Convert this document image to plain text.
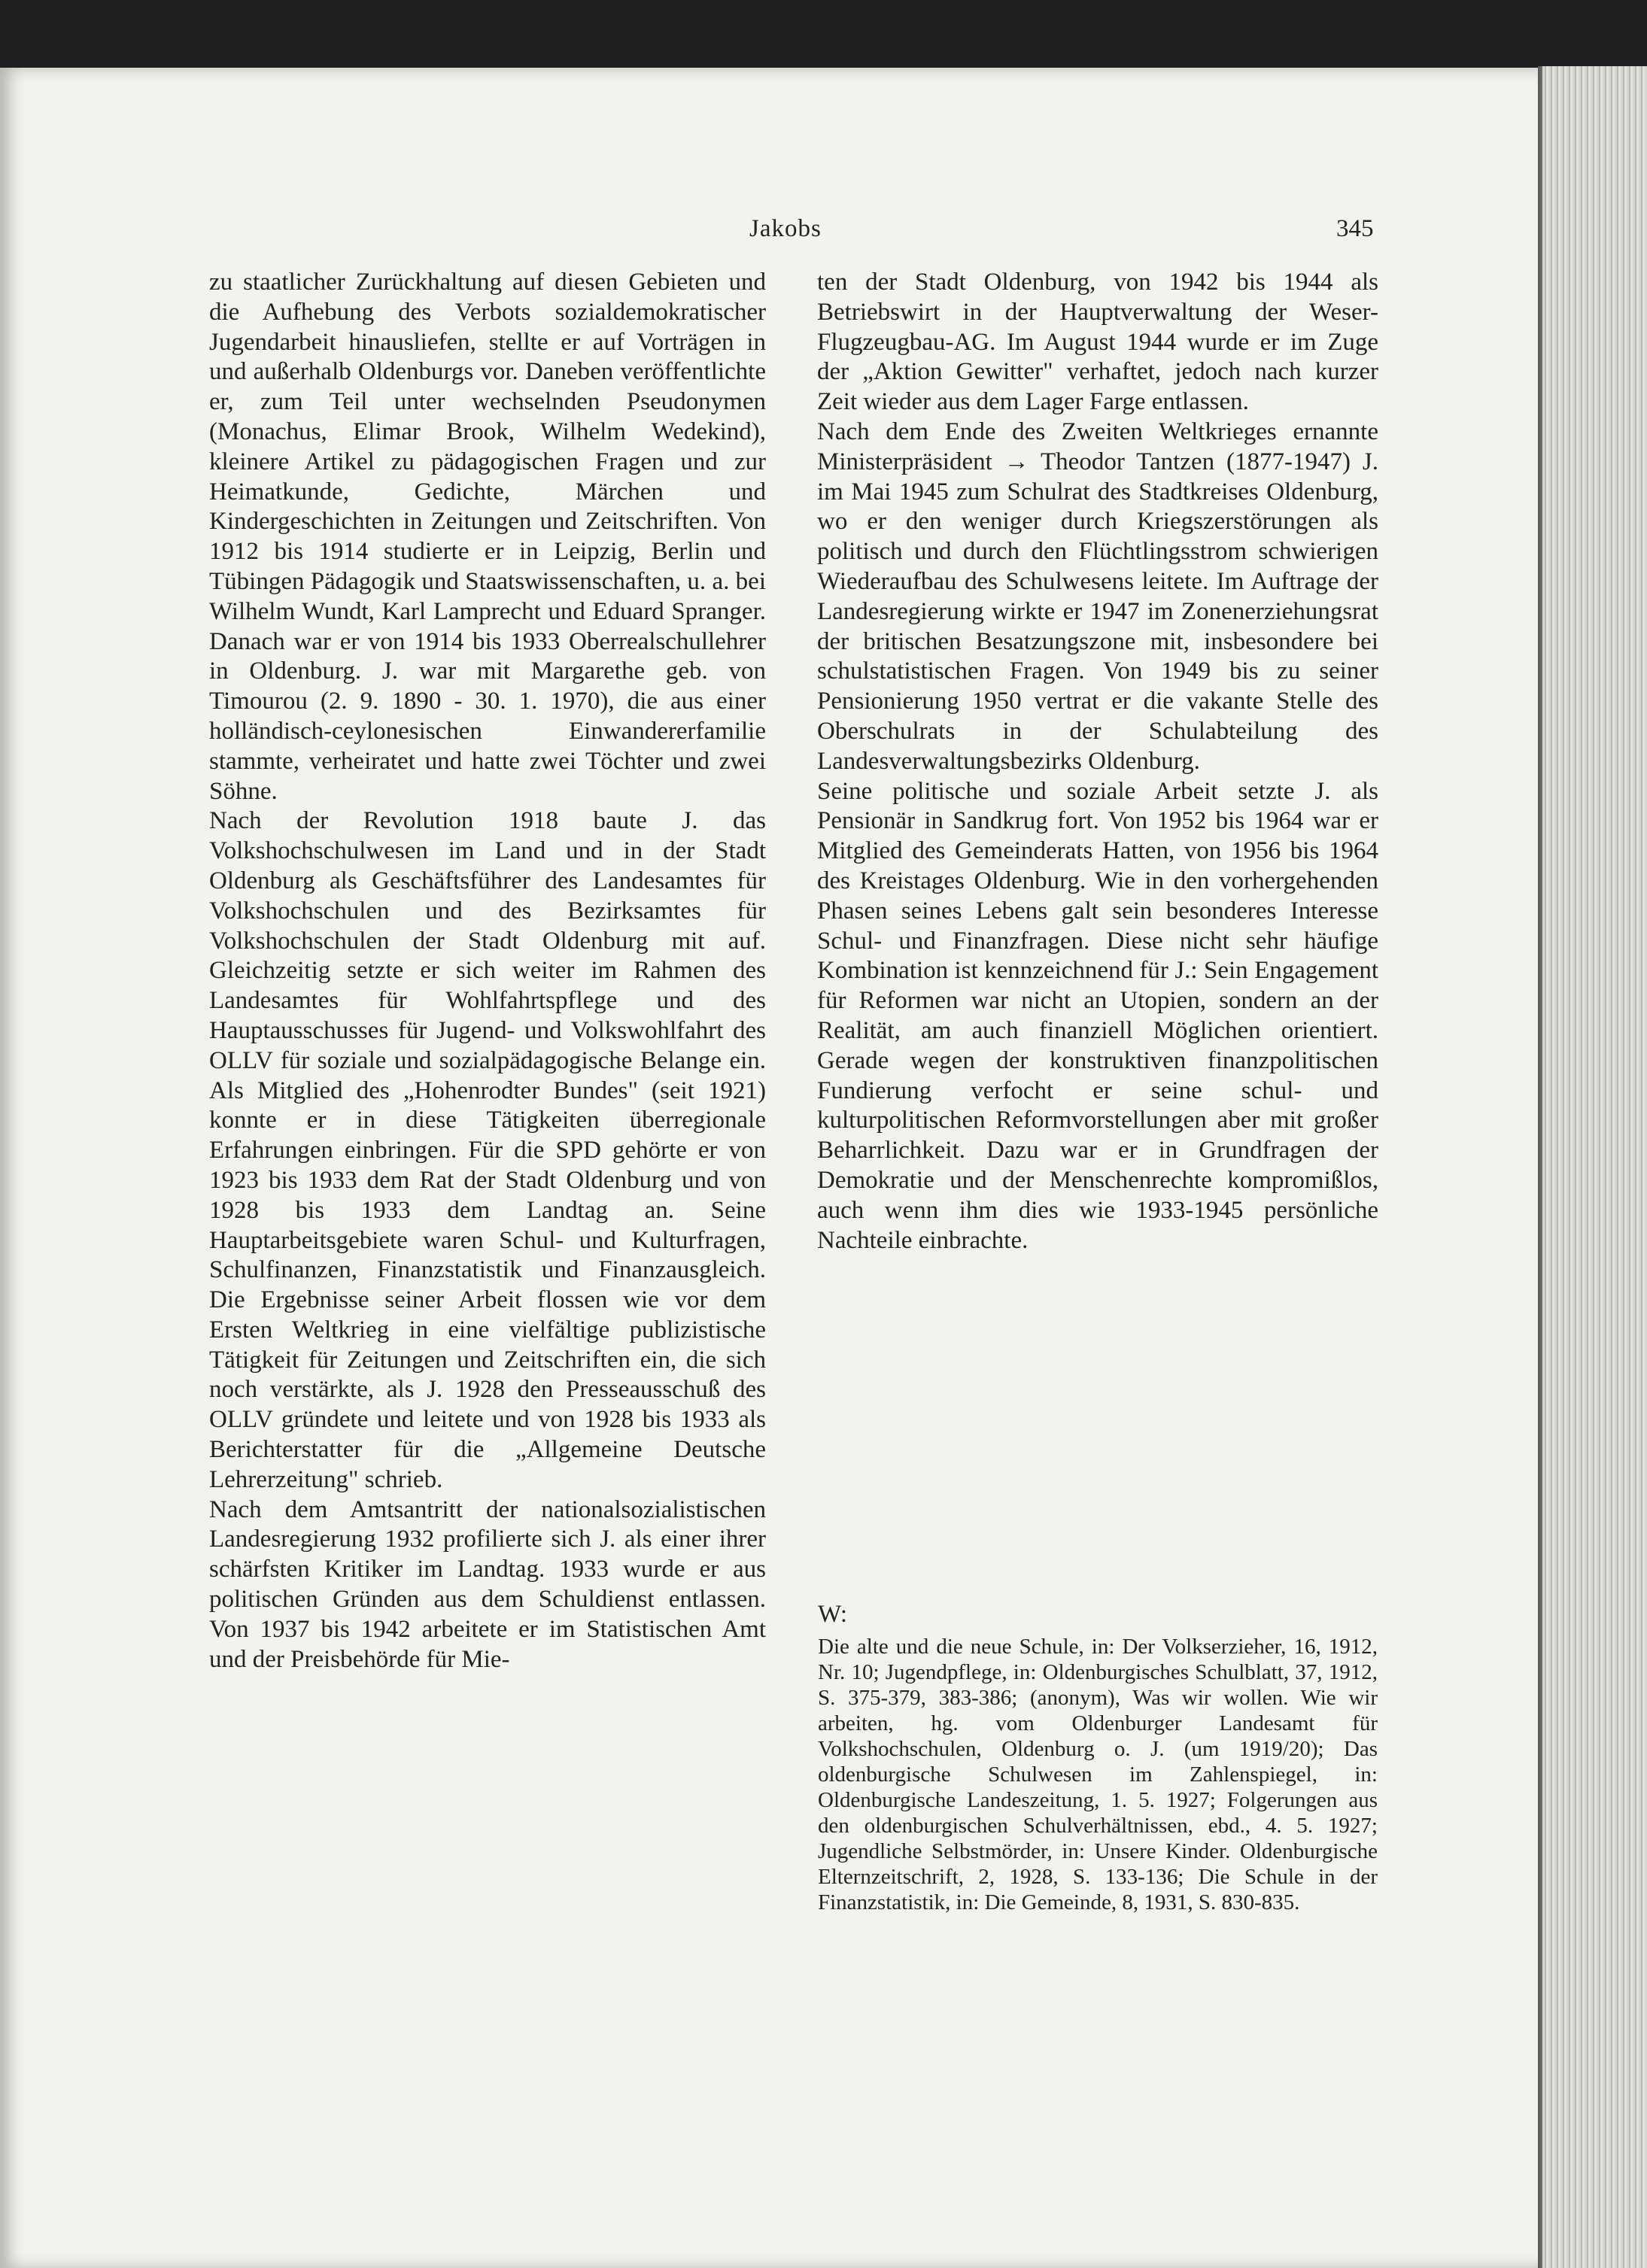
Jakobs	345

zu staatlicher Zurückhaltung auf diesen Gebieten und die Aufhebung des Verbots sozialdemokratischer Jugendarbeit hinausliefen, stellte er auf Vorträgen in und außerhalb Oldenburgs vor. Daneben veröffentlichte er, zum Teil unter wechselnden Pseudonymen (Monachus, Elimar Brook, Wilhelm Wedekind), kleinere Artikel zu pädagogischen Fragen und zur Heimatkunde, Gedichte, Märchen und Kindergeschichten in Zeitungen und Zeitschriften. Von 1912 bis 1914 studierte er in Leipzig, Berlin und Tübingen Pädagogik und Staatswissenschaften, u. a. bei Wilhelm Wundt, Karl Lamprecht und Eduard Spranger. Danach war er von 1914 bis 1933 Oberrealschullehrer in Oldenburg. J. war mit Margarethe geb. von Timourou (2. 9. 1890 - 30. 1. 1970), die aus einer holländisch-ceylonesischen Einwandererfamilie stammte, verheiratet und hatte zwei Töchter und zwei Söhne.

Nach der Revolution 1918 baute J. das Volkshochschulwesen im Land und in der Stadt Oldenburg als Geschäftsführer des Landesamtes für Volkshochschulen und des Bezirksamtes für Volkshochschulen der Stadt Oldenburg mit auf. Gleichzeitig setzte er sich weiter im Rahmen des Landesamtes für Wohlfahrtspflege und des Hauptausschusses für Jugend- und Volkswohlfahrt des OLLV für soziale und sozialpädagogische Belange ein. Als Mitglied des „Hohenrodter Bundes" (seit 1921) konnte er in diese Tätigkeiten überregionale Erfahrungen einbringen. Für die SPD gehörte er von 1923 bis 1933 dem Rat der Stadt Oldenburg und von 1928 bis 1933 dem Landtag an. Seine Hauptarbeitsgebiete waren Schul- und Kulturfragen, Schulfinanzen, Finanzstatistik und Finanzausgleich. Die Ergebnisse seiner Arbeit flossen wie vor dem Ersten Weltkrieg in eine vielfältige publizistische Tätigkeit für Zeitungen und Zeitschriften ein, die sich noch verstärkte, als J. 1928 den Presseausschuß des OLLV gründete und leitete und von 1928 bis 1933 als Berichterstatter für die „Allgemeine Deutsche Lehrerzeitung" schrieb.

Nach dem Amtsantritt der nationalsozialistischen Landesregierung 1932 profilierte sich J. als einer ihrer schärfsten Kritiker im Landtag. 1933 wurde er aus politischen Gründen aus dem Schuldienst entlassen. Von 1937 bis 1942 arbeitete er im Statistischen Amt und der Preisbehörde für Mie-

ten der Stadt Oldenburg, von 1942 bis 1944 als Betriebswirt in der Hauptverwaltung der Weser-Flugzeugbau-AG. Im August 1944 wurde er im Zuge der „Aktion Gewitter" verhaftet, jedoch nach kurzer Zeit wieder aus dem Lager Farge entlassen.

Nach dem Ende des Zweiten Weltkrieges ernannte Ministerpräsident → Theodor Tantzen (1877-1947) J. im Mai 1945 zum Schulrat des Stadtkreises Oldenburg, wo er den weniger durch Kriegszerstörungen als politisch und durch den Flüchtlingsstrom schwierigen Wiederaufbau des Schulwesens leitete. Im Auftrage der Landesregierung wirkte er 1947 im Zonenerziehungsrat der britischen Besatzungszone mit, insbesondere bei schulstatistischen Fragen. Von 1949 bis zu seiner Pensionierung 1950 vertrat er die vakante Stelle des Oberschulrats in der Schulabteilung des Landesverwaltungsbezirks Oldenburg.

Seine politische und soziale Arbeit setzte J. als Pensionär in Sandkrug fort. Von 1952 bis 1964 war er Mitglied des Gemeinderats Hatten, von 1956 bis 1964 des Kreistages Oldenburg. Wie in den vorhergehenden Phasen seines Lebens galt sein besonderes Interesse Schul- und Finanzfragen. Diese nicht sehr häufige Kombination ist kennzeichnend für J.: Sein Engagement für Reformen war nicht an Utopien, sondern an der Realität, am auch finanziell Möglichen orientiert. Gerade wegen der konstruktiven finanzpolitischen Fundierung verfocht er seine schul- und kulturpolitischen Reformvorstellungen aber mit großer Beharrlichkeit. Dazu war er in Grundfragen der Demokratie und der Menschenrechte kompromißlos, auch wenn ihm dies wie 1933-1945 persönliche Nachteile einbrachte.

W:
Die alte und die neue Schule, in: Der Volkserzieher, 16, 1912, Nr. 10; Jugendpflege, in: Oldenburgisches Schulblatt, 37, 1912, S. 375-379, 383-386; (anonym), Was wir wollen. Wie wir arbeiten, hg. vom Oldenburger Landesamt für Volkshochschulen, Oldenburg o. J. (um 1919/20); Das oldenburgische Schulwesen im Zahlenspiegel, in: Oldenburgische Landeszeitung, 1. 5. 1927; Folgerungen aus den oldenburgischen Schulverhältnissen, ebd., 4. 5. 1927; Jugendliche Selbstmörder, in: Unsere Kinder. Oldenburgische Elternzeitschrift, 2, 1928, S. 133-136; Die Schule in der Finanzstatistik, in: Die Gemeinde, 8, 1931, S. 830-835.
